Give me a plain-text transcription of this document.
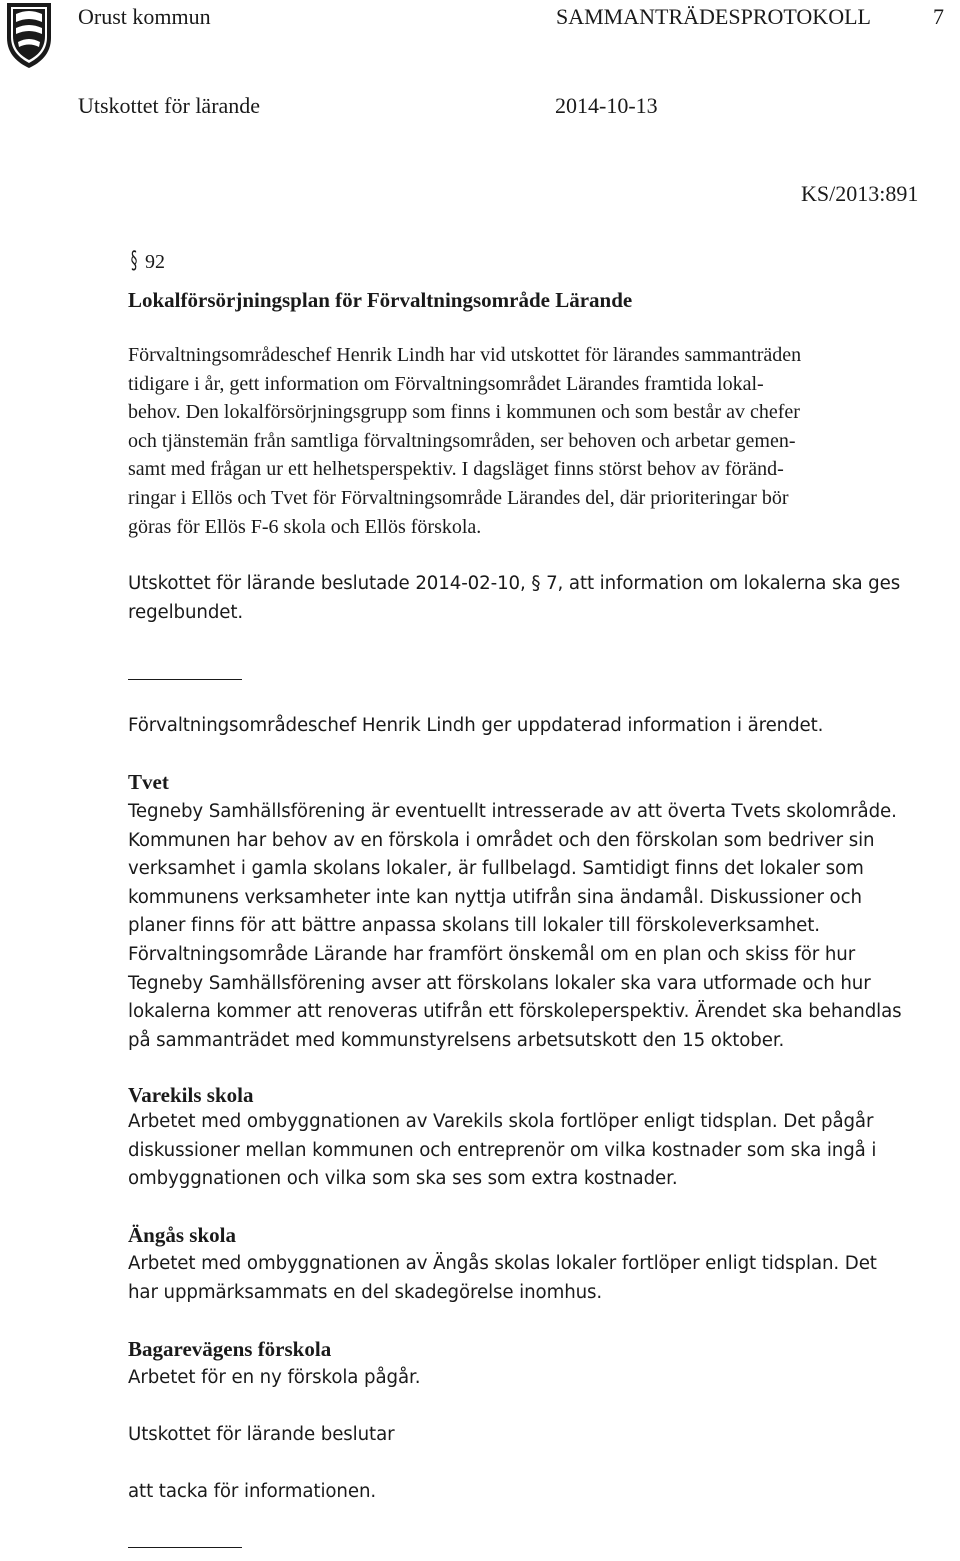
Orust kommun	SAMMANTRÄDESPROTOKOLL	7
Utskottet för lärande	2014-10-13
KS/2013:891
§ 92
Lokalförsörjningsplan för Förvaltningsområde Lärande
Förvaltningsområdeschef Henrik Lindh har vid utskottet för lärandes sammanträden
tidigare i år, gett information om Förvaltningsområdet Lärandes framtida lokal-
behov. Den lokalförsörjningsgrupp som finns i kommunen och som består av chefer
och tjänstemän från samtliga förvaltningsområden, ser behoven och arbetar gemen-
samt med frågan ur ett helhetsperspektiv. I dagsläget finns störst behov av föränd-
ringar i Ellös och Tvet för Förvaltningsområde Lärandes del, där prioriteringar bör
göras för Ellös F-6 skola och Ellös förskola.
Utskottet för lärande beslutade 2014-02-10, § 7, att information om lokalerna ska ges
regelbundet.
Förvaltningsområdeschef Henrik Lindh ger uppdaterad information i ärendet.
Tvet
Tegneby Samhällsförening är eventuellt intresserade av att överta Tvets skolområde.
Kommunen har behov av en förskola i området och den förskolan som bedriver sin
verksamhet i gamla skolans lokaler, är fullbelagd. Samtidigt finns det lokaler som
kommunens verksamheter inte kan nyttja utifrån sina ändamål. Diskussioner och
planer finns för att bättre anpassa skolans till lokaler till förskoleverksamhet.
Förvaltningsområde Lärande har framfört önskemål om en plan och skiss för hur
Tegneby Samhällsförening avser att förskolans lokaler ska vara utformade och hur
lokalerna kommer att renoveras utifrån ett förskoleperspektiv. Ärendet ska behandlas
på sammanträdet med kommunstyrelsens arbetsutskott den 15 oktober.
Varekils skola
Arbetet med ombyggnationen av Varekils skola fortlöper enligt tidsplan. Det pågår
diskussioner mellan kommunen och entreprenör om vilka kostnader som ska ingå i
ombyggnationen och vilka som ska ses som extra kostnader.
Ängås skola
Arbetet med ombyggnationen av Ängås skolas lokaler fortlöper enligt tidsplan. Det
har uppmärksammats en del skadegörelse inomhus.
Bagarevägens förskola
Arbetet för en ny förskola pågår.
Utskottet för lärande beslutar
att tacka för informationen.
